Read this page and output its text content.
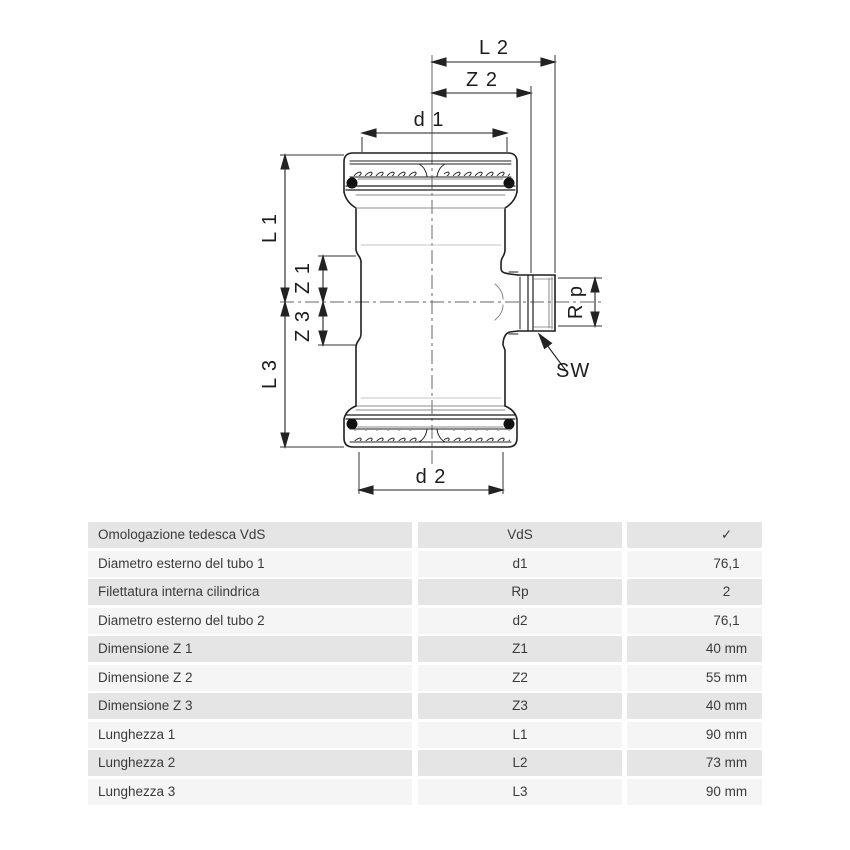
L 2
Z 2
d 1
L 1
Z 1
Z 3
L 3
R p
SW
d 2
Omologazione tedesca VdS	VdS	✓
Diametro esterno del tubo 1	d1	76,1
Filettatura interna cilindrica	Rp	2
Diametro esterno del tubo 2	d2	76,1
Dimensione Z 1	Z1	40 mm
Dimensione Z 2	Z2	55 mm
Dimensione Z 3	Z3	40 mm
Lunghezza 1	L1	90 mm
Lunghezza 2	L2	73 mm
Lunghezza 3	L3	90 mm
